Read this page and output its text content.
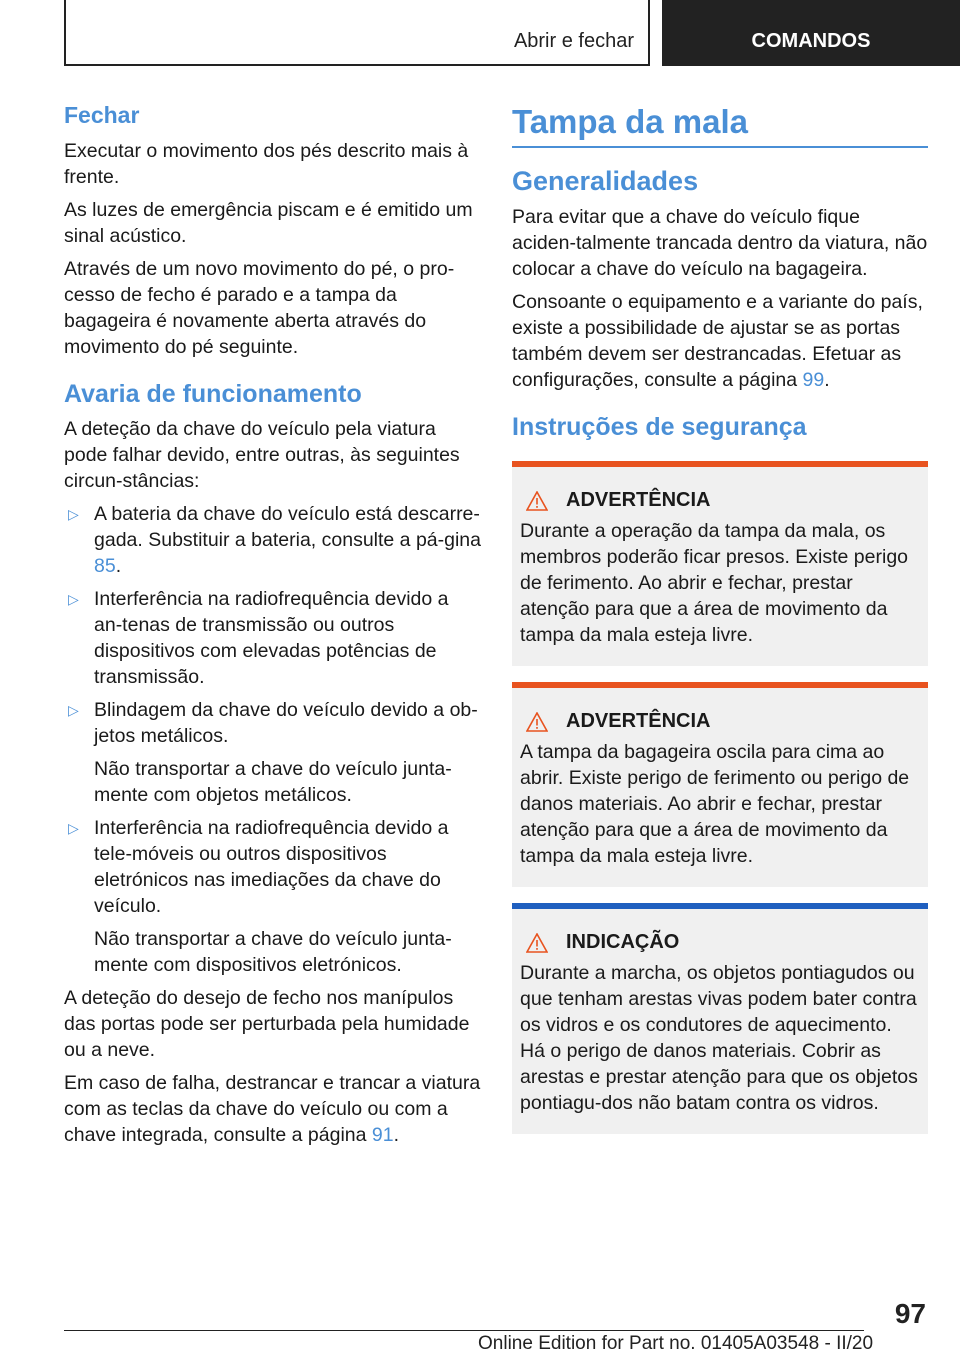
Abrir e fechar	COMANDOS
Fechar

Executar o movimento dos pés descrito mais à frente.

As luzes de emergência piscam e é emitido um sinal acústico.

Através de um novo movimento do pé, o pro-cesso de fecho é parado e a tampa da bagageira é novamente aberta através do movimento do pé seguinte.

Avaria de funcionamento

A deteção da chave do veículo pela viatura pode falhar devido, entre outras, às seguintes circun-stâncias:

▷ A bateria da chave do veículo está descarre-gada. Substituir a bateria, consulte a pá-gina 85.

▷ Interferência na radiofrequência devido a an-tenas de transmissão ou outros dispositivos com elevadas potências de transmissão.

▷ Blindagem da chave do veículo devido a ob-jetos metálicos.

Não transportar a chave do veículo junta-mente com objetos metálicos.

▷ Interferência na radiofrequência devido a tele-móveis ou outros dispositivos eletrónicos nas imediações da chave do veículo.

Não transportar a chave do veículo junta-mente com dispositivos eletrónicos.

A deteção do desejo de fecho nos manípulos das portas pode ser perturbada pela humidade ou a neve.

Em caso de falha, destrancar e trancar a viatura com as teclas da chave do veículo ou com a chave integrada, consulte a página 91.

Tampa da mala
Generalidades

Para evitar que a chave do veículo fique aciden-talmente trancada dentro da viatura, não colocar a chave do veículo na bagageira.

Consoante o equipamento e a variante do país, existe a possibilidade de ajustar se as portas também devem ser destrancadas. Efetuar as configurações, consulte a página 99.

Instruções de segurança
ADVERTÊNCIA

Durante a operação da tampa da mala, os membros poderão ficar presos. Existe perigo de ferimento. Ao abrir e fechar, prestar atenção para que a área de movimento da tampa da mala esteja livre.

ADVERTÊNCIA

A tampa da bagageira oscila para cima ao abrir. Existe perigo de ferimento ou perigo de danos materiais. Ao abrir e fechar, prestar atenção para que a área de movimento da tampa da mala esteja livre.

INDICAÇÃO

Durante a marcha, os objetos pontiagudos ou que tenham arestas vivas podem bater contra os vidros e os condutores de aquecimento. Há o perigo de danos materiais. Cobrir as arestas e prestar atenção para que os objetos pontiagu-dos não batam contra os vidros.

97
Online Edition for Part no. 01405A03548 - II/20
